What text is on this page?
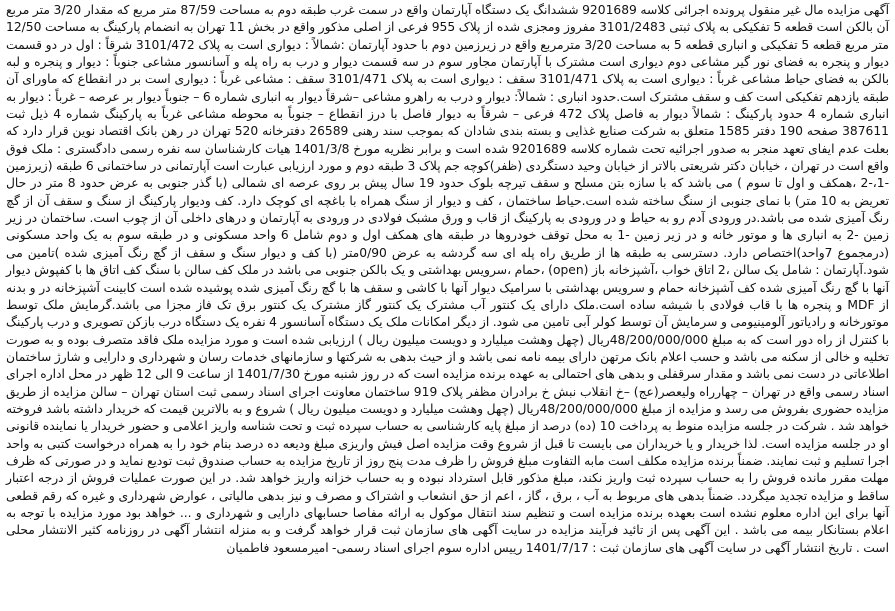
آگهی مزایده مال غیر منقول پرونده اجرائی کلاسه 9201689 ششدانگ یک دستگاه آپارتمان واقع در سمت غرب طبقه دوم به مساحت 87/59 متر مربع که مقدار 3/20 متر مربع آن بالکن است قطعه 5 تفکیکی به پلاک ثبتی 3101/2483 مفروز ومجزی شده از پلاک 955 فرعی از اصلی مذکور واقع در بخش 11 تهران به انضمام پارکینگ به مساحت 12/50 متر مربع قطعه 5 تفکیکی و انباری قطعه 5 به مساحت 3/20 مترمربع واقع در زیرزمین دوم با حدود آپارتمان :شمالاً : دیواری است به پلاک 3101/472 شرقاً : اول در دو قسمت دیوار و پنجره به فضای نور گیر مشاعی دوم دیواری است مشترک با آپارتمان مجاور سوم در سه قسمت دیوار و درب به راه پله و آسانسور مشاعی جنوباً : دیوار و پنجره و لبه بالکن به فضای حیاط مشاعی غرباً : دیواری است به پلاک 3101/471 سقف : دیواری است به پلاک 3101/471 سقف : مشاعی غرباً : دیواری است بر در انقطاع که ماورای آن طبقه یازدهم تفکیکی است کف و سقف مشترک است.حدود انباری : شمالاً: دیوار و درب به راهرو مشاعی –شرقاً دیوار به انباری شماره 6 – جنوباً دیوار بر عرصه – غرباً : دیوار به انباری شماره 4 حدود پارکینگ : شمالاً دیوار به فاصل پلاک 472 فرعی – شرقاً به دیوار فاصل با درز انقطاع – جنوباً به محوطه مشاعی غرباً به پارکینگ شماره 4 ذیل ثبت 387611 صفحه 190 دفتر 1585 متعلق به شرکت صنایع غذایی و بسته بندی شادان که بموجب سند رهنی 26589 دفترخانه 520 تهران در رهن بانک اقتصاد نوین قرار دارد که بعلت عدم ایفای تعهد منجر به صدور اجرائیه تحت شماره کلاسه 9201689 شده است و برابر نظریه مورخ 1401/3/8 هیات کارشناسان سه نفره رسمی دادگستری : ملک فوق واقع است در تهران ، خیابان دکتر شریعتی بالاتر از خیابان وحید دستگردی (ظفر)کوچه جم پلاک 3 طبقه دوم و مورد ارزیابی عبارت است آپارتمانی در ساختمانی 6 طبقه (زیرزمین -1،-2 ،همکف و اول تا سوم ) می باشد که با سازه بتن مسلح و سقف تیرچه بلوک حدود 19 سال پیش بر روی عرصه ای شمالی (با گذر جنوبی به عرض حدود 8 متر در حال تعریض به 10 متر) با نمای جنوبی از سنگ ساخته شده است.حیاط ساختمان ، کف و دیوار از سنگ همراه با باغچه ای کوچک دارد. کف ودیوار پارکینگ از سنگ و سقف آن از گچ رنگ آمیزی شده می باشد.در ورودی آدم رو به حیاط و در ورودی به پارکینگ از قاب و ورق مشبک فولادی در ورودی به آپارتمان و درهای داخلی آن از چوب است. ساختمان در زیر زمین -2 به انباری ها و موتور خانه و در زیر زمین -1 به محل توقف خودروها در طبقه های همکف اول و دوم شامل 6 واحد مسکونی و در طبقه سوم به یک واحد مسکونی (درمجموع 7واحد)اختصاص دارد. دسترسی به طبقه ها از طریق راه پله ای سه گردشه به عرض 0/90متر (با کف و دیوار سنگ و سقف از گچ رنگ آمیزی شده )تامین می شود.آپارتمان : شامل یک سالن ،2 اتاق خواب ،آشپزخانه باز (open) ،حمام ،سرویس بهداشتی و یک بالکن جنوبی می باشد در ملک کف سالن با سنگ کف اتاق ها با کفپوش دیوار آنها با گچ رنگ آمیزی شده کف آشپزخانه حمام و سرویس بهداشتی با سرامیک دیوار آنها با کاشی و سقف ها با گچ رنگ آمیزی شده پوشیده شده است کابینت آشپزخانه در و بدنه از MDF و پنجره ها با قاب فولادی با شیشه ساده است.ملک دارای یک کنتور آب مشترک یک کنتور گاز مشترک یک کنتور برق تک فاز مجزا می باشد.گرمایش ملک توسط موتورخانه و رادیاتور آلومینیومی و سرمایش آن توسط کولر آبی تامین می شود. از دیگر امکانات ملک یک دستگاه آسانسور 4 نفره یک دستگاه درب بازکن تصویری و درب پارکینگ با کنترل از راه دور است که به مبلغ 48/200/000/000ریال (چهل وهشت میلیارد و دویست میلیون ریال ) ارزیابی شده است و مورد مزایده ملک فاقد متصرف بوده و به صورت تخلیه و خالی از سکنه می باشد و حسب اعلام بانک مرتهن دارای بیمه نامه نمی باشد و از حیث بدهی به شرکتها و سازمانهای خدمات رسان و شهرداری و دارایی و شارژ ساختمان اطلاعاتی در دست نمی باشد و مقدار سرقفلی و بدهی های احتمالی به عهده برنده مزایده است که در روز شنبه مورخ 1401/7/30 از ساعت 9 الی 12 ظهر در محل اداره اجرای اسناد رسمی واقع در تهران – چهارراه ولیعصر(عج) –خ انقلاب نبش خ برادران مظفر پلاک 919 ساختمان معاونت اجرای اسناد رسمی ثبت استان تهران – سالن مزایده از طریق مزایده حضوری بفروش می رسد و مزایده از مبلغ 48/200/000/000ریال (چهل وهشت میلیارد و دویست میلیون ریال ) شروع و به بالاترین قیمت که خریدار داشته باشد فروخته خواهد شد . شرکت در جلسه مزایده منوط به پرداخت 10 (ده) درصد از مبلغ پایه کارشناسی به حساب سپرده ثبت و تحت شناسه واریز اعلامی و حضور خریدار یا نماینده قانونی او در جلسه مزایده است. لذا خریدار و یا خریداران می بایست تا قبل از شروع وقت مزایده اصل فیش واریزی مبلغ ودیعه ده درصد بنام خود را به همراه درخواست کتبی به واحد اجرا تسلیم و ثبت نمایند. ضمناً برنده مزایده مکلف است مابه التفاوت مبلغ فروش را ظرف مدت پنج روز از تاریخ مزایده به حساب صندوق ثبت تودیع نماید و در صورتی که ظرف مهلت مقرر مانده فروش را به حساب سپرده ثبت واریز نکند، مبلغ مذکور قابل استرداد نبوده و به حساب خزانه واریز خواهد شد. در این صورت عملیات فروش از درجه اعتبار ساقط و مزایده تجدید میگردد. ضمناً بدهی های مربوط به آب ، برق ، گاز ، اعم از حق انشعاب و اشتراک و مصرف و نیز بدهی مالیاتی ، عوارض شهرداری و غیره که رقم قطعی آنها برای این اداره معلوم نشده است بعهده برنده مزایده است و تنظیم سند انتقال موکول به ارائه مفاصا حسابهای دارایی و شهرداری و ... خواهد بود مورد مزایده با توجه به اعلام بستانکار بیمه می باشد . این آگهی پس از تائید فرآیند مزایده در سایت آگهی های سازمان ثبت قرار خواهد گرفت و به منزله انتشار آگهی در روزنامه کثیر الانتشار محلی است . تاریخ انتشار آگهی در سایت آگهی های سازمان ثبت : 1401/7/17 رییس اداره سوم اجرای اسناد رسمی- امیرمسعود فاطمیان
